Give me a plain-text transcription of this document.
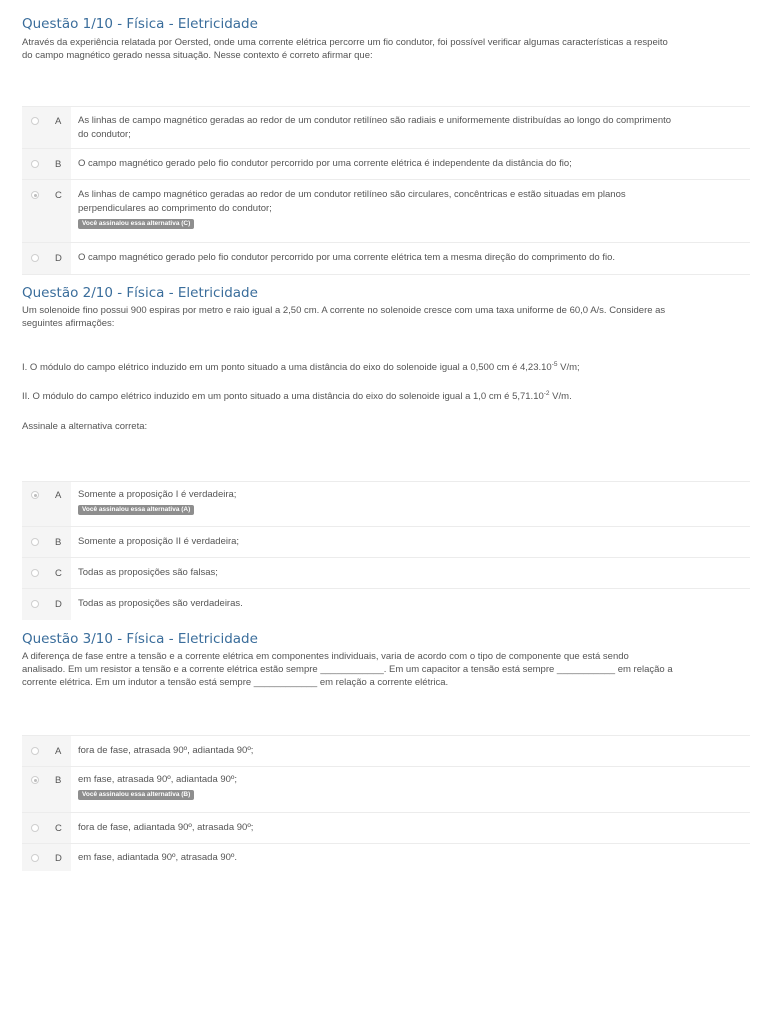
Questão 1/10 - Física - Eletricidade
Através da experiência relatada por Oersted, onde uma corrente elétrica percorre um fio condutor, foi possível verificar algumas características a respeito
do campo magnético gerado nessa situação. Nesse contexto é correto afirmar que:
A	As linhas de campo magnético geradas ao redor de um condutor retilíneo são radiais e uniformemente distribuídas ao longo do comprimento
do condutor;
B	O campo magnético gerado pelo fio condutor percorrido por uma corrente elétrica é independente da distância do fio;
C	As linhas de campo magnético geradas ao redor de um condutor retilíneo são circulares, concêntricas e estão situadas em planos
perpendiculares ao comprimento do condutor;
Você assinalou essa alternativa (C)
D	O campo magnético gerado pelo fio condutor percorrido por uma corrente elétrica tem a mesma direção do comprimento do fio.
Questão 2/10 - Física - Eletricidade
Um solenoide fino possui 900 espiras por metro e raio igual a 2,50 cm. A corrente no solenoide cresce com uma taxa uniforme de 60,0 A/s. Considere as
seguintes afirmações:
I. O módulo do campo elétrico induzido em um ponto situado a uma distância do eixo do solenoide igual a 0,500 cm é $4,23.10^{-5}$ V/m;
II. O módulo do campo elétrico induzido em um ponto situado a uma distância do eixo do solenoide igual a 1,0 cm é $5,71.10^{-2}$ V/m.
Assinale a alternativa correta:
A	Somente a proposição I é verdadeira;
Você assinalou essa alternativa (A)
B	Somente a proposição II é verdadeira;
C	Todas as proposições são falsas;
D	Todas as proposições são verdadeiras.
Questão 3/10 - Física - Eletricidade
A diferença de fase entre a tensão e a corrente elétrica em componentes individuais, varia de acordo com o tipo de componente que está sendo
analisado. Em um resistor a tensão e a corrente elétrica estão sempre ____________. Em um capacitor a tensão está sempre ___________ em relação a
corrente elétrica. Em um indutor a tensão está sempre ____________ em relação a corrente elétrica.
A	fora de fase, atrasada 90º, adiantada 90º;
B	em fase, atrasada 90º, adiantada 90º;
Você assinalou essa alternativa (B)
C	fora de fase, adiantada 90º, atrasada 90º;
D	em fase, adiantada 90º, atrasada 90º.
